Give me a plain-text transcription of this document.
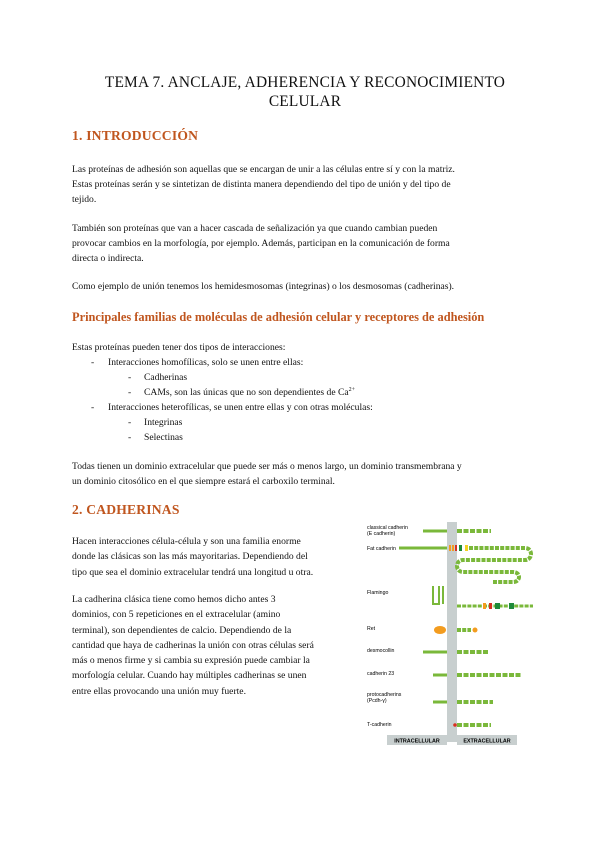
TEMA 7. ANCLAJE, ADHERENCIA Y RECONOCIMIENTO
CELULAR
1. INTRODUCCIÓN
Las proteínas de adhesión son aquellas que se encargan de unir a las células entre sí y con la matriz.
Estas proteínas serán y se sintetizan de distinta manera dependiendo del tipo de unión y del tipo de
tejido.
También son proteínas que van a hacer cascada de señalización ya que cuando cambian pueden
provocar cambios en la morfología, por ejemplo. Además, participan en la comunicación de forma
directa o indirecta.
Como ejemplo de unión tenemos los hemidesmosomas (integrinas) o los desmosomas (cadherinas).
Principales familias de moléculas de adhesión celular y receptores de adhesión
Estas proteínas pueden tener dos tipos de interacciones:
- Interacciones homofílicas, solo se unen entre ellas:
- Cadherinas
- CAMs, son las únicas que no son dependientes de $Ca^{2+}$
- Interacciones heterofílicas, se unen entre ellas y con otras moléculas:
- Integrinas
- Selectinas
Todas tienen un dominio extracelular que puede ser más o menos largo, un dominio transmembrana y
un dominio citosólico en el que siempre estará el carboxilo terminal.
2. CADHERINAS
Hacen interacciones célula-célula y son una familia enorme
donde las clásicas son las más mayoritarias. Dependiendo del
tipo que sea el dominio extracelular tendrá una longitud u otra.
La cadherina clásica tiene como hemos dicho antes 3
dominios, con 5 repeticiones en el extracelular (amino
terminal), son dependientes de calcio. Dependiendo de la
cantidad que haya de cadherinas la unión con otras células será
más o menos firme y si cambia su expresión puede cambiar la
morfología celular. Cuando hay múltiples cadherinas se unen
entre ellas provocando una unión muy fuerte.
classical cadherin
(E cadherin)
Fat cadherin
Flamingo
Ret
desmocollin
cadherin 23
protocadherins
(Pcdh-γ)
T-cadherin
INTRACELLULAR	EXTRACELLULAR
